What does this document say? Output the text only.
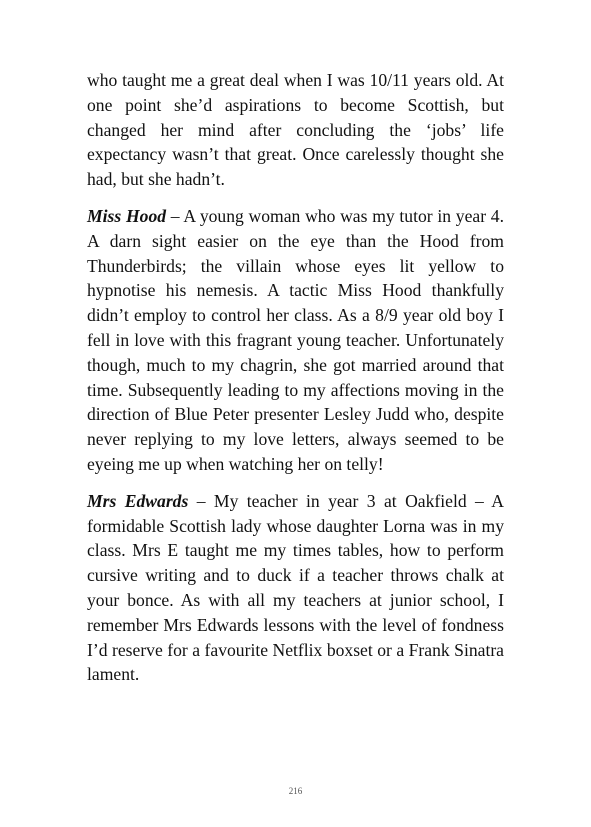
who taught me a great deal when I was 10/11 years old. At one point she’d aspirations to become Scottish, but changed her mind after concluding the ‘jobs’ life expectancy wasn’t that great. Once carelessly thought she had, but she hadn’t.

Miss Hood – A young woman who was my tutor in year 4. A darn sight easier on the eye than the Hood from Thunderbirds; the villain whose eyes lit yellow to hypnotise his nemesis. A tactic Miss Hood thankfully didn’t employ to control her class. As a 8/9 year old boy I fell in love with this fragrant young teacher. Unfortunately though, much to my chagrin, she got married around that time. Subsequently leading to my affections moving in the direction of Blue Peter presenter Lesley Judd who, despite never replying to my love letters, always seemed to be eyeing me up when watching her on telly!

Mrs Edwards – My teacher in year 3 at Oakfield – A formidable Scottish lady whose daughter Lorna was in my class. Mrs E taught me my times tables, how to perform cursive writing and to duck if a teacher throws chalk at your bonce. As with all my teachers at junior school, I remember Mrs Edwards lessons with the level of fondness I’d reserve for a favourite Netflix boxset or a Frank Sinatra lament.

216
